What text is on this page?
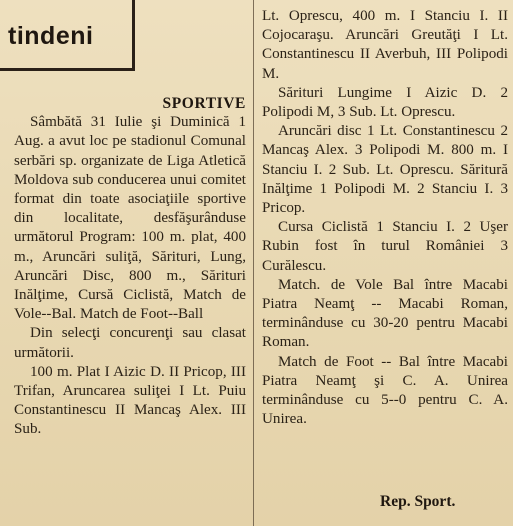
tindeni

SPORTIVE

Sâmbătă 31 Iulie şi Duminică 1 Aug. a avut loc pe stadionul Comunal serbări sp. organizate de Liga Atletică Moldova sub conducerea unui comitet format din toate asociaţiile sportive din localitate, desfăşurânduse următorul Program: 100 m. plat, 400 m., Aruncări suliţă, Sărituri, Lung, Aruncări Disc, 800 m., Sărituri Inălţime, Cursă Ciclistă, Match de Vole--Bal. Match de Foot--Ball

Din selecţi concurenţi sau clasat următorii.

100 m. Plat I Aizic D. II Pricop, III Trifan, Aruncarea suliţei I Lt. Puiu Constantinescu II Mancaş Alex. III Sub.

Lt. Oprescu, 400 m. I Stanciu I. II Cojocaraşu. Aruncări Greutăţi I Lt. Constantinescu II Averbuh, III Polipodi M.

Sărituri Lungime I Aizic D. 2 Polipodi M, 3 Sub. Lt. Oprescu.

Aruncări disc 1 Lt. Constantinescu 2 Mancaş Alex. 3 Polipodi M. 800 m. I Stanciu I. 2 Sub. Lt. Oprescu. Săritură Inălţime 1 Polipodi M. 2 Stanciu I. 3 Pricop.

Cursa Ciclistă 1 Stanciu I. 2 Uşer Rubin fost în turul României 3 Curălescu.

Match. de Vole Bal între Macabi Piatra Neamţ -- Macabi Roman, terminânduse cu 30-20 pentru Macabi Roman.

Match de Foot -- Bal între Macabi Piatra Neamţ şi C. A. Unirea terminânduse cu 5--0 pentru C. A. Unirea.

Rep. Sport.
